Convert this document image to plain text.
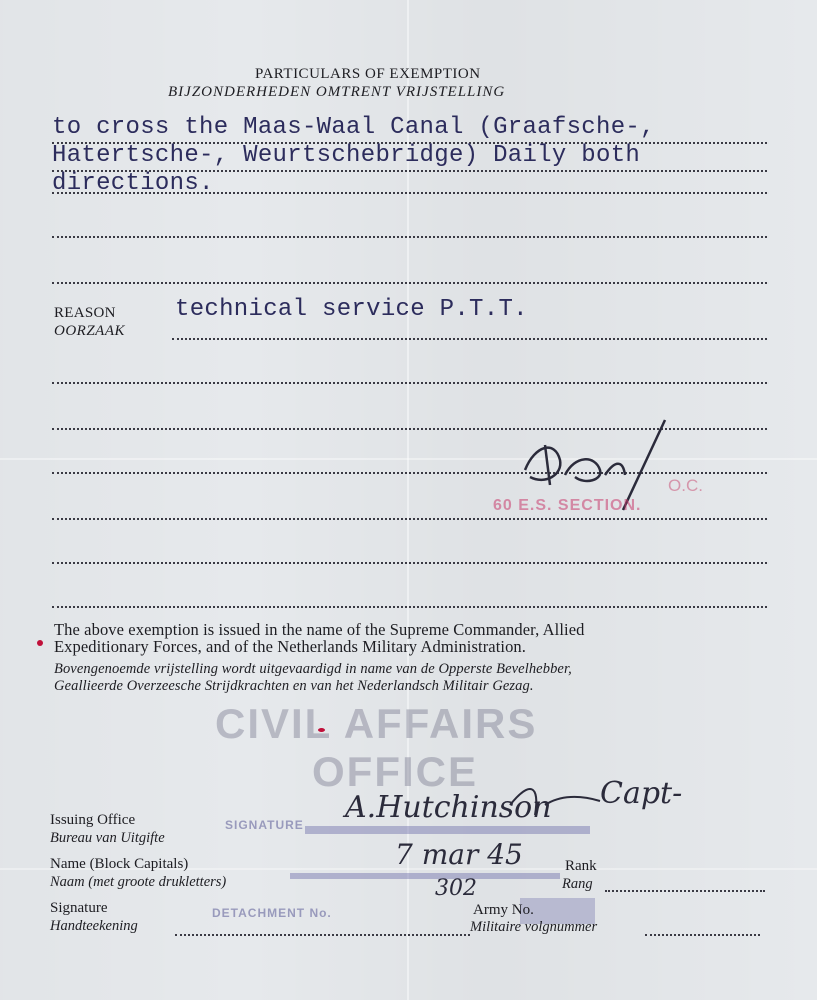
PARTICULARS OF EXEMPTION
BIJZONDERHEDEN OMTRENT VRIJSTELLING
to cross the Maas-Waal Canal (Graafsche-,
Hatertsche-, Weurtschebridge) Daily both
directions.
REASON
OORZAAK
technical service P.T.T.
O.C.
60 E.S. SECTION.
The above exemption is issued in the name of the Supreme Commander, Allied
Expeditionary Forces, and of the Netherlands Military Administration.
Bovengenoemde vrijstelling wordt uitgevaardigd in name van de Opperste Bevelhebber,
Geallieerde Overzeesche Strijdkrachten en van het Nederlandsch Militair Gezag.
CIVIL AFFAIRS
OFFICE
SIGNATURE
DETACHMENT No.
Issuing Office
Bureau van Uitgifte
Name (Block Capitals)
Naam (met groote drukletters)
Signature
Handteekening
Rank
Rang
Army No.
Militaire volgnummer
A.Hutchinson Capt-
7 mar 45
302
